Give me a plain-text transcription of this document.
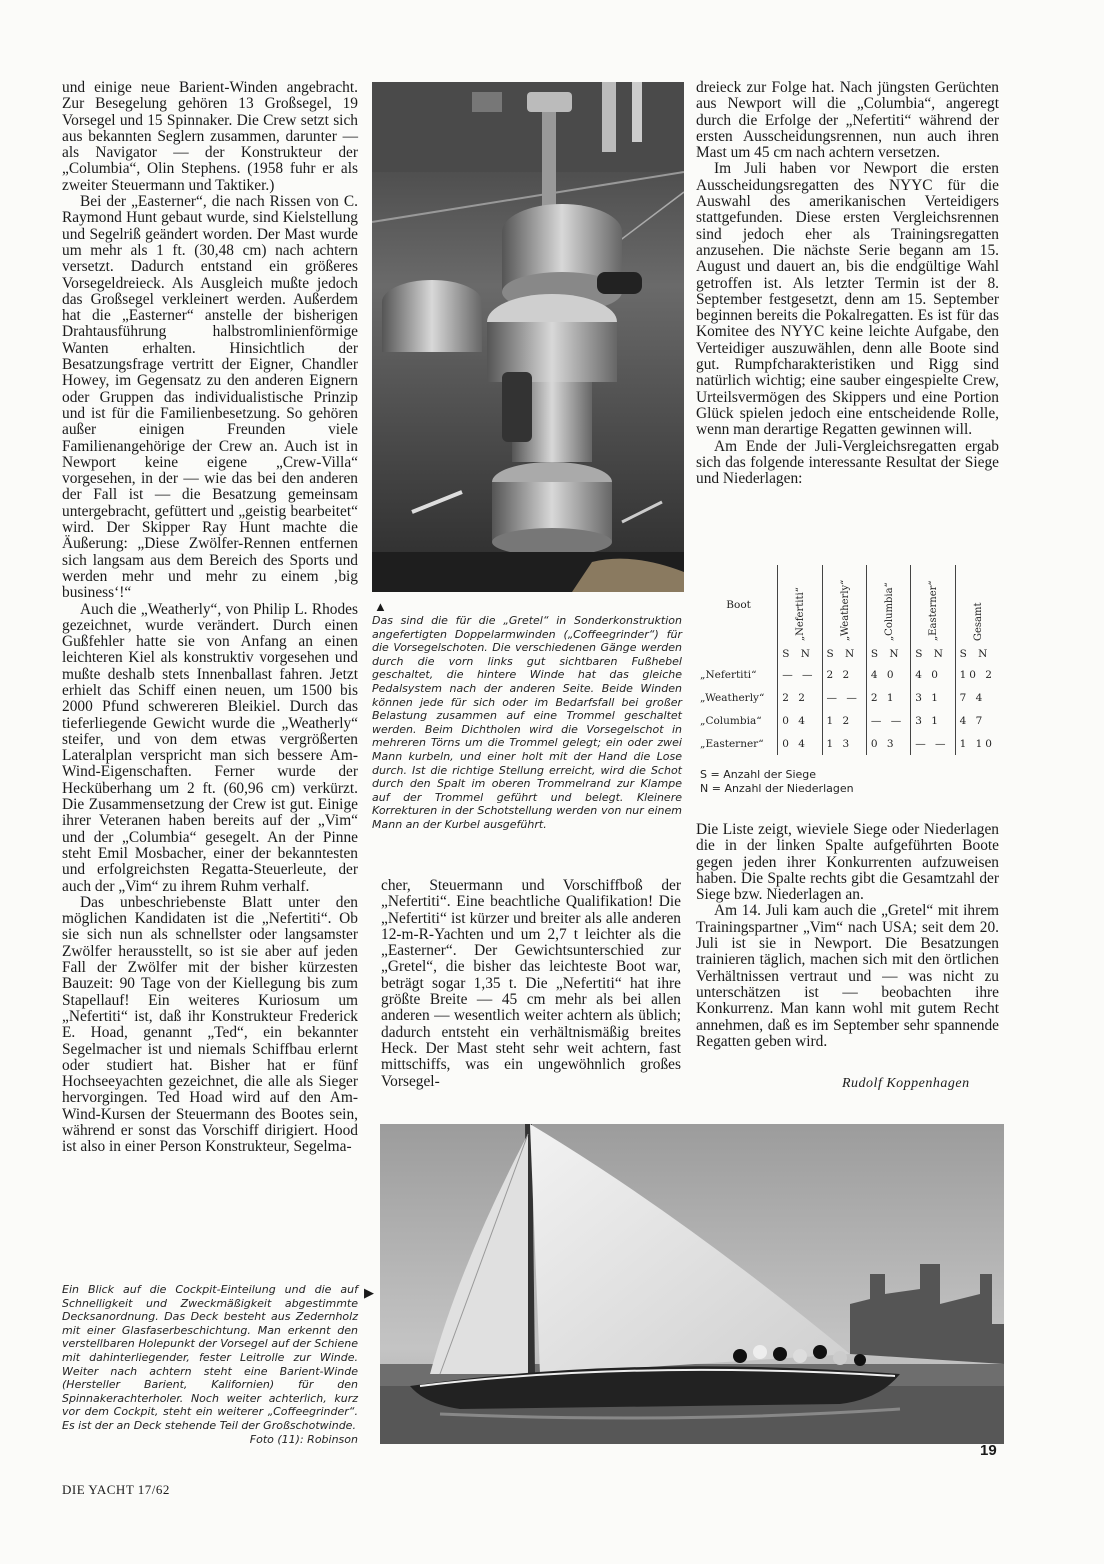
und einige neue Barient-Winden angebracht. Zur Besegelung gehören 13 Großsegel, 19 Vorsegel und 15 Spinnaker. Die Crew setzt sich aus bekannten Seglern zusammen, darunter — als Navigator — der Konstrukteur der „Columbia“, Olin Stephens. (1958 fuhr er als zweiter Steuermann und Taktiker.)

Bei der „Easterner“, die nach Rissen von C. Raymond Hunt gebaut wurde, sind Kielstellung und Segelriß geändert worden. Der Mast wurde um mehr als 1 ft. (30,48 cm) nach achtern versetzt. Dadurch entstand ein größeres Vorsegeldreieck. Als Ausgleich mußte jedoch das Großsegel verkleinert werden. Außerdem hat die „Easterner“ anstelle der bisherigen Drahtausführung halbstromlinienförmige Wanten erhalten. Hinsichtlich der Besatzungsfrage vertritt der Eigner, Chandler Howey, im Gegensatz zu den anderen Eignern oder Gruppen das individualistische Prinzip und ist für die Familienbesetzung. So gehören außer einigen Freunden viele Familienangehörige der Crew an. Auch ist in Newport keine eigene „Crew-Villa“ vorgesehen, in der — wie das bei den anderen der Fall ist — die Besatzung gemeinsam untergebracht, gefüttert und „geistig bearbeitet“ wird. Der Skipper Ray Hunt machte die Äußerung: „Diese Zwölfer-Rennen entfernen sich langsam aus dem Bereich des Sports und werden mehr und mehr zu einem ‚big business‘!“

Auch die „Weatherly“, von Philip L. Rhodes gezeichnet, wurde verändert. Durch einen Gußfehler hatte sie von Anfang an einen leichteren Kiel als konstruktiv vorgesehen und mußte deshalb stets Innenballast fahren. Jetzt erhielt das Schiff einen neuen, um 1500 bis 2000 Pfund schwereren Bleikiel. Durch das tieferliegende Gewicht wurde die „Weatherly“ steifer, und von dem etwas vergrößerten Lateralplan verspricht man sich bessere Am-Wind-Eigenschaften. Ferner wurde der Hecküberhang um 2 ft. (60,96 cm) verkürzt. Die Zusammensetzung der Crew ist gut. Einige ihrer Veteranen haben bereits auf der „Vim“ und der „Columbia“ gesegelt. An der Pinne steht Emil Mosbacher, einer der bekanntesten und erfolgreichsten Regatta-Steuerleute, der auch der „Vim“ zu ihrem Ruhm verhalf.

Das unbeschriebenste Blatt unter den möglichen Kandidaten ist die „Nefertiti“. Ob sie sich nun als schnellster oder langsamster Zwölfer herausstellt, so ist sie aber auf jeden Fall der Zwölfer mit der bisher kürzesten Bauzeit: 90 Tage von der Kiellegung bis zum Stapellauf! Ein weiteres Kuriosum um „Nefertiti“ ist, daß ihr Konstrukteur Frederick E. Hoad, genannt „Ted“, ein bekannter Segelmacher ist und niemals Schiffbau erlernt oder studiert hat. Bisher hat er fünf Hochseeyachten gezeichnet, die alle als Sieger hervorgingen. Ted Hoad wird auf den Am-Wind-Kursen der Steuermann des Bootes sein, während er sonst das Vorschiff dirigiert. Hood ist also in einer Person Konstrukteur, Segelma-

▲
Das sind die für die „Gretel“ in Sonderkonstruktion angefertigten Doppelarmwinden („Coffeegrinder“) für die Vorsegelschoten. Die verschiedenen Gänge werden durch die vorn links gut sichtbaren Fußhebel geschaltet, die hintere Winde hat das gleiche Pedalsystem nach der anderen Seite. Beide Winden können jede für sich oder im Bedarfsfall bei großer Belastung zusammen auf eine Trommel geschaltet werden. Beim Dichtholen wird die Vorsegelschot in mehreren Törns um die Trommel gelegt; ein oder zwei Mann kurbeln, und einer holt mit der Hand die Lose durch. Ist die richtige Stellung erreicht, wird die Schot durch den Spalt im oberen Trommelrand zur Klampe auf der Trommel geführt und belegt. Kleinere Korrekturen in der Schotstellung werden von nur einem Mann an der Kurbel ausgeführt.

cher, Steuermann und Vorschiffboß der „Nefertiti“. Eine beachtliche Qualifikation! Die „Nefertiti“ ist kürzer und breiter als alle anderen 12-m-R-Yachten und um 2,7 t leichter als die „Easterner“. Der Gewichtsunterschied zur „Gretel“, die bisher das leichteste Boot war, beträgt sogar 1,35 t. Die „Nefertiti“ hat ihre größte Breite — 45 cm mehr als bei allen anderen — wesentlich weiter achtern als üblich; dadurch entsteht ein verhältnismäßig breites Heck. Der Mast steht sehr weit achtern, fast mittschiffs, was ein ungewöhnlich großes Vorsegel-

dreieck zur Folge hat. Nach jüngsten Gerüchten aus Newport will die „Columbia“, angeregt durch die Erfolge der „Nefertiti“ während der ersten Ausscheidungsrennen, nun auch ihren Mast um 45 cm nach achtern versetzen.

Im Juli haben vor Newport die ersten Ausscheidungsregatten des NYYC für die Auswahl des amerikanischen Verteidigers stattgefunden. Diese ersten Vergleichsrennen sind jedoch eher als Trainingsregatten anzusehen. Die nächste Serie begann am 15. August und dauert an, bis die endgültige Wahl getroffen ist. Als letzter Termin ist der 8. September festgesetzt, denn am 15. September beginnen bereits die Pokalregatten. Es ist für das Komitee des NYYC keine leichte Aufgabe, den Verteidiger auszuwählen, denn alle Boote sind gut. Rumpfcharakteristiken und Rigg sind natürlich wichtig; eine sauber eingespielte Crew, Urteilsvermögen des Skippers und eine Portion Glück spielen jedoch eine entscheidende Rolle, wenn man derartige Regatten gewinnen will.

Am Ende der Juli-Vergleichsregatten ergab sich das folgende interessante Resultat der Siege und Niederlagen:

Boot	„Nefertiti“	„Weatherly“	„Columbia“	„Easterner“	Gesamt

	S N	S N	S N	S N	S N
„Nefertiti“	— —	2 2	4 0	4 0	10 2
„Weatherly“	2 2	— —	2 1	3 1	7 4
„Columbia“	0 4	1 2	— —	3 1	4 7
„Easterner“	0 4	1 3	0 3	— —	1 10
S = Anzahl der Siege
N = Anzahl der Niederlagen

Die Liste zeigt, wieviele Siege oder Niederlagen die in der linken Spalte aufgeführten Boote gegen jeden ihrer Konkurrenten aufzuweisen haben. Die Spalte rechts gibt die Gesamtzahl der Siege bzw. Niederlagen an.

Am 14. Juli kam auch die „Gretel“ mit ihrem Trainingspartner „Vim“ nach USA; seit dem 20. Juli ist sie in Newport. Die Besatzungen trainieren täglich, machen sich mit den örtlichen Verhältnissen vertraut und — was nicht zu unterschätzen ist — beobachten ihre Konkurrenz. Man kann wohl mit gutem Recht annehmen, daß es im September sehr spannende Regatten geben wird.

Rudolf Koppenhagen
Ein Blick auf die Cockpit-Einteilung und die auf Schnelligkeit und Zweckmäßigkeit abgestimmte Decksanordnung. Das Deck besteht aus Zedernholz mit einer Glasfaserbeschichtung. Man erkennt den verstellbaren Holepunkt der Vorsegel auf der Schiene mit dahinterliegender, fester Leitrolle zur Winde. Weiter nach achtern steht eine Barient-Winde (Hersteller Barient, Kalifornien) für den Spinnakerachterholer. Noch weiter achterlich, kurz vor dem Cockpit, steht ein weiterer „Coffeegrinder“. Es ist der an Deck stehende Teil der Großschotwinde.
Foto (11): Robinson
▶
DIE YACHT 17/62
19
